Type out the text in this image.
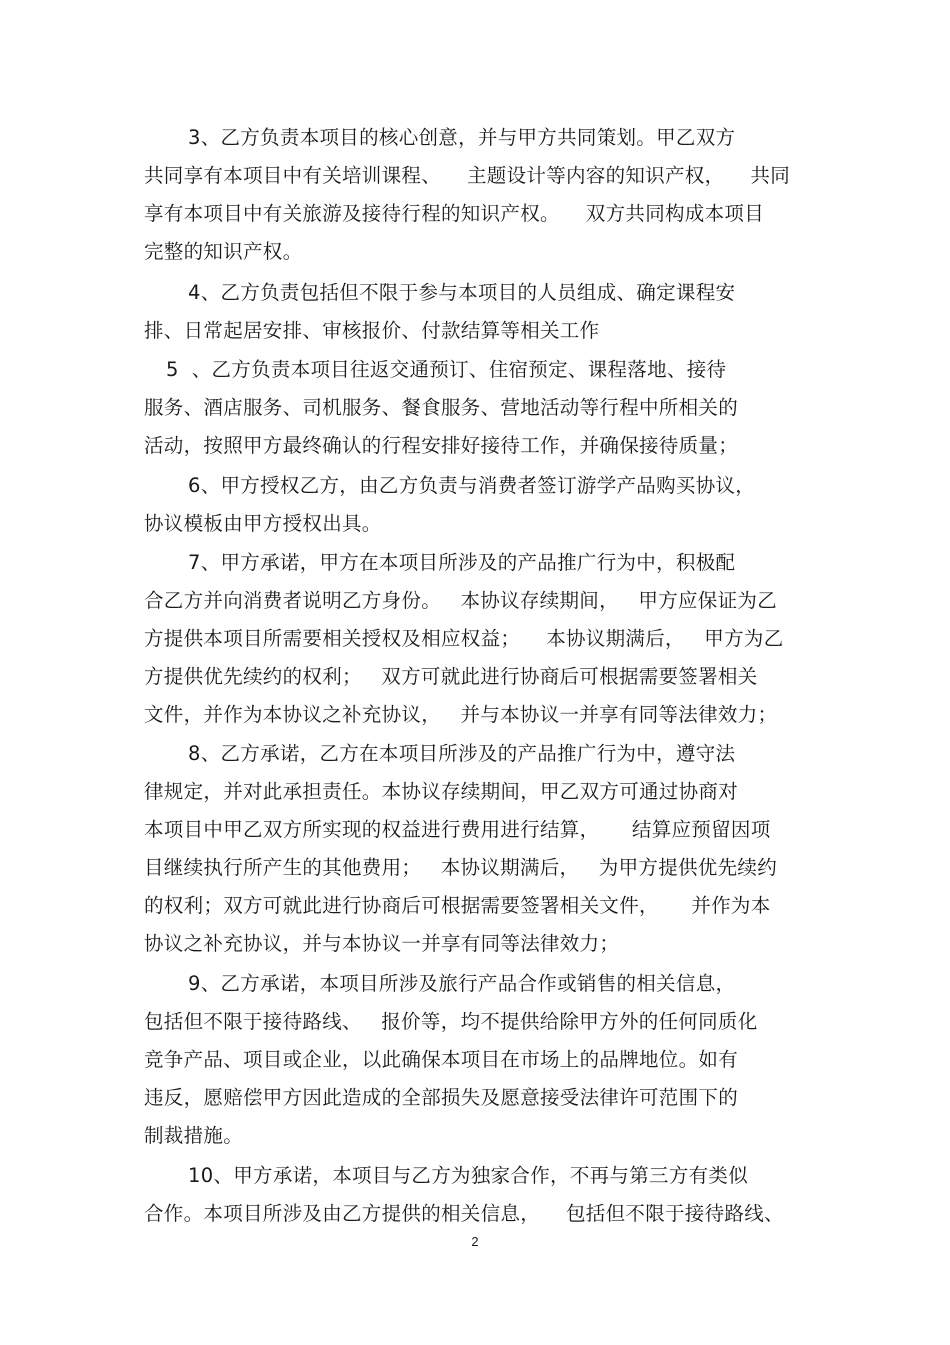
3、乙方负责本项目的核心创意，并与甲方共同策划。甲乙双方
共同享有本项目中有关培训课程、    主题设计等内容的知识产权，    共同
享有本项目中有关旅游及接待行程的知识产权。    双方共同构成本项目
完整的知识产权。
4、乙方负责包括但不限于参与本项目的人员组成、确定课程安
排、日常起居安排、审核报价、付款结算等相关工作
5  、乙方负责本项目往返交通预订、住宿预定、课程落地、接待
服务、酒店服务、司机服务、餐食服务、营地活动等行程中所相关的
活动，按照甲方最终确认的行程安排好接待工作，并确保接待质量；
6、甲方授权乙方，由乙方负责与消费者签订游学产品购买协议，
协议模板由甲方授权出具。
7、甲方承诺，甲方在本项目所涉及的产品推广行为中，积极配
合乙方并向消费者说明乙方身份。   本协议存续期间，   甲方应保证为乙
方提供本项目所需要相关授权及相应权益；    本协议期满后，   甲方为乙
方提供优先续约的权利；   双方可就此进行协商后可根据需要签署相关
文件，并作为本协议之补充协议，   并与本协议一并享有同等法律效力；
8、乙方承诺，乙方在本项目所涉及的产品推广行为中，遵守法
律规定，并对此承担责任。本协议存续期间，甲乙双方可通过协商对
本项目中甲乙双方所实现的权益进行费用进行结算，     结算应预留因项
目继续执行所产生的其他费用；   本协议期满后，   为甲方提供优先续约
的权利；双方可就此进行协商后可根据需要签署相关文件，     并作为本
协议之补充协议，并与本协议一并享有同等法律效力；
9、乙方承诺，本项目所涉及旅行产品合作或销售的相关信息，
包括但不限于接待路线、   报价等，均不提供给除甲方外的任何同质化
竞争产品、项目或企业，以此确保本项目在市场上的品牌地位。如有
违反，愿赔偿甲方因此造成的全部损失及愿意接受法律许可范围下的
制裁措施。
10、甲方承诺，本项目与乙方为独家合作，不再与第三方有类似
合作。本项目所涉及由乙方提供的相关信息，    包括但不限于接待路线、
2
